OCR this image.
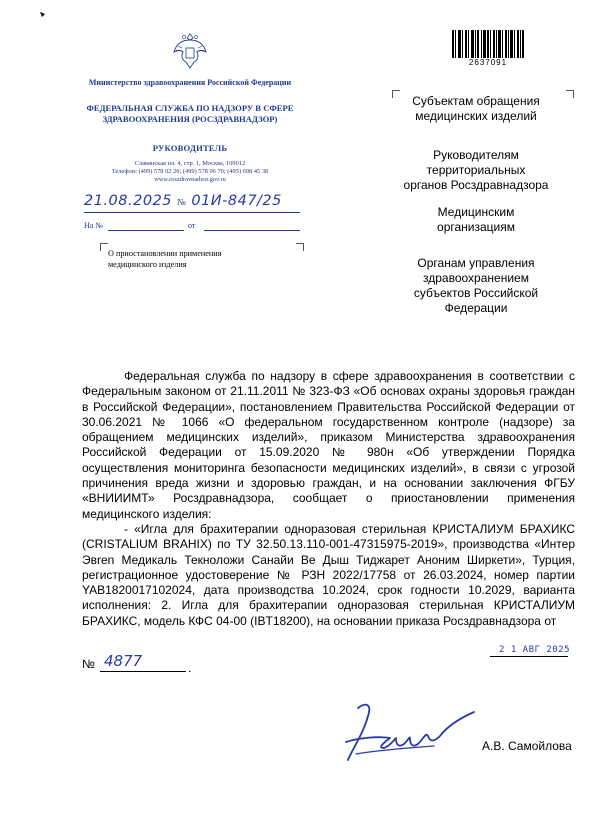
Министерство здравоохранения Российской Федерации
ФЕДЕРАЛЬНАЯ СЛУЖБА ПО НАДЗОРУ В СФЕРЕ ЗДРАВООХРАНЕНИЯ (РОСЗДРАВНАДЗОР)
РУКОВОДИТЕЛЬ
Славянская пл. 4, стр. 1, Москва, 109012
Телефон: (499) 578 02 20; (499) 578 06 70; (495) 698 45 38
www.roszdravnadzor.gov.ru
21.08.2025 № 01И-847/25
На №	от
О приостановлении применения
медицинского изделия
2637091
Субъектам обращения
медицинских изделий
Руководителям
территориальных
органов Росздравнадзора
Медицинским
организациям
Органам управления
здравоохранением
субъектов Российской
Федерации

Федеральная служба по надзору в сфере здравоохранения в соответствии с Федеральным законом от 21.11.2011 № 323-ФЗ «Об основах охраны здоровья граждан в Российской Федерации», постановлением Правительства Российской Федерации от 30.06.2021 № 1066 «О федеральном государственном контроле (надзоре) за обращением медицинских изделий», приказом Министерства здравоохранения Российской Федерации от 15.09.2020 № 980н «Об утверждении Порядка осуществления мониторинга безопасности медицинских изделий», в связи с угрозой причинения вреда жизни и здоровью граждан, и на основании заключения ФГБУ «ВНИИИМТ» Росздравнадзора, сообщает о приостановлении применения медицинского изделия:

- «Игла для брахитерапии одноразовая стерильная КРИСТАЛИУМ БРАХИКС (CRISTALIUM BRAHIX) по ТУ 32.50.13.110-001-47315975-2019», производства «Интер Эвren Медикаль Текноложи Санайи Ве Дыш Тиджарет Аноним Ширкети», Турция, регистрационное удостоверение № РЗН 2022/17758 от 26.03.2024, номер партии YAB1820017102024, дата производства 10.2024, срок годности 10.2029, варианта исполнения: 2. Игла для брахитерапии одноразовая стерильная КРИСТАЛИУМ БРАХИКС, модель КФС 04-00 (IBT18200), на основании приказа Росздравнадзора от

2 1 АВГ 2025
№ 4877	.
А.В. Самойлова
